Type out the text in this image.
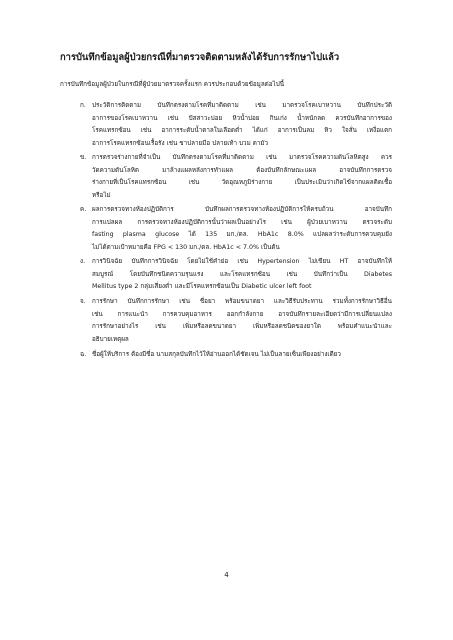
การบันทึกข้อมูลผู้ป่วยกรณีที่มาตรวจติดตามหลังได้รับการรักษาไปแล้ว
การบันทึกข้อมูลผู้ป่วยในกรณีที่ผู้ป่วยมาตรวจครั้งแรก ควรประกอบด้วยข้อมูลต่อไปนี้
ก. ประวัติการติดตาม บันทึกตรงตามโรคที่มาติดตาม เช่น มาตรวจโรคเบาหวาน บันทึกประวัติ
อาการของโรคเบาหวาน เช่น ปัสสาวะบ่อย หิวน้ำบ่อย กินเก่ง น้ำหนักลด ควรบันทึกอาการของ
โรคแทรกซ้อน เช่น อาการระดับน้ำตาลในเลือดต่ำ ได้แก่ อาการเป็นลม หิว ใจสั่น เหงื่อแตก
อาการโรคแทรกซ้อนเรื้อรัง เช่น ชาปลายมือ ปลายเท้า บวม ตามัว
ข. การตรวจร่างกายที่จำเป็น บันทึกตรงตามโรคที่มาติดตาม เช่น มาตรวจโรคความดันโลหิตสูง ควร
วัดความดันโลหิต มาล้างแผลหลังการทำแผล ต้องบันทึกลักษณะแผล อาจบันทึกการตรวจ
ร่างกายที่เป็นโรคแทรกซ้อน เช่น วัดอุณหภูมิร่างกาย เป็นประเมินว่าเกิดไข้จากแผลติดเชื้อ
หรือไม่
ค. ผลการตรวจทางห้องปฏิบัติการ บันทึกผลการตรวจทางห้องปฏิบัติการให้ครบถ้วน อาจบันทึก
การแปลผล การตรวจทางห้องปฏิบัติการนั้นว่าผลเป็นอย่างไร เช่น ผู้ป่วยเบาหวาน ตรวจระดับ
fasting plasma glucose ได้ 135 มก./ดล. HbA1c 8.0% แปลผลว่าระดับการควบคุมยัง
ไม่ได้ตามเป้าหมายคือ FPG < 130 มก./ดล. HbA1c < 7.0% เป็นต้น
ง. การวินิจฉัย บันทึกการวินิจฉัย โดยไม่ใช้คำย่อ เช่น Hypertension ไม่เขียน HT อาจบันทึกให้
สมบูรณ์ โดยบันทึกชนิดความรุนแรง และโรคแทรกซ้อน เช่น บันทึกว่าเป็น Diabetes
Mellitus type 2 กลุ่มเสี่ยงต่ำ และมีโรคแทรกซ้อนเป็น Diabetic ulcer left foot
จ. การรักษา บันทึกการรักษา เช่น ชื่อยา พร้อมขนาดยา และวิธีรับประทาน รวมทั้งการรักษาวิธีอื่น
เช่น การแนะนำ การควบคุมอาหาร ออกกำลังกาย อาจบันทึกรายละเอียดว่ามีการเปลี่ยนแปลง
การรักษาอย่างไร เช่น เพิ่มหรือลดขนาดยา เพิ่มหรือลดชนิดของยาใด พร้อมคำแนะนำและ
อธิบายเหตุผล
ฉ. ชื่อผู้ให้บริการ ต้องมีชื่อ นามสกุลบันทึกไว้ให้อ่านออกได้ชัดเจน ไม่เป็นลายเซ็นเพียงอย่างเดียว
4
